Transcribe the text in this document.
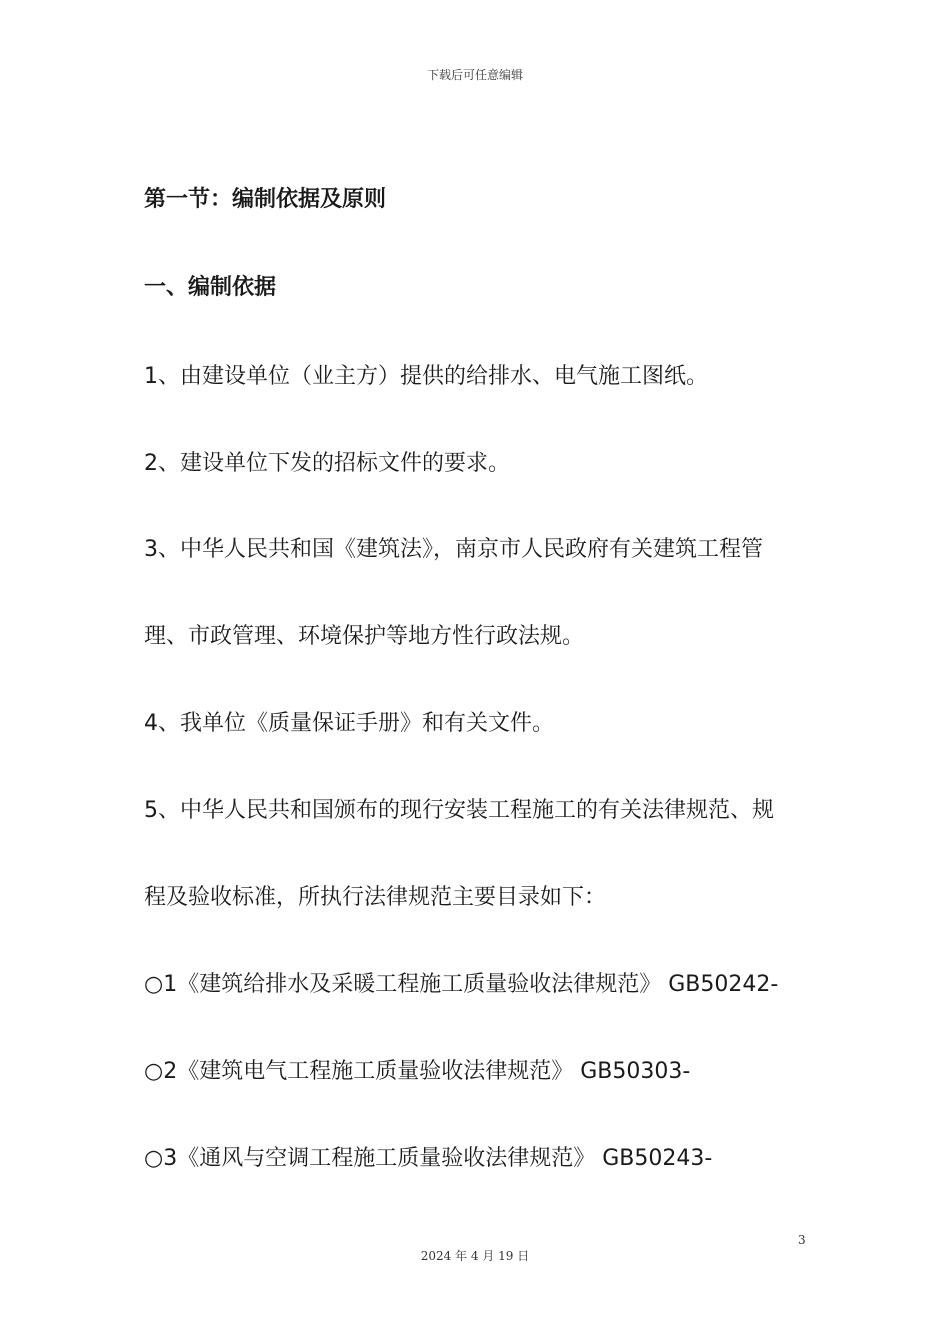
下载后可任意编辑
第一节：编制依据及原则
一、编制依据
1、由建设单位（业主方）提供的给排水、电气施工图纸。
2、建设单位下发的招标文件的要求。
3、中华人民共和国《建筑法》，南京市人民政府有关建筑工程管
理、市政管理、环境保护等地方性行政法规。
4、我单位《质量保证手册》和有关文件。
5、中华人民共和国颁布的现行安装工程施工的有关法律规范、规
程及验收标准，所执行法律规范主要目录如下：
○1《建筑给排水及采暖工程施工质量验收法律规范》 GB50242-
○2《建筑电气工程施工质量验收法律规范》 GB50303-
○3《通风与空调工程施工质量验收法律规范》 GB50243-
3
2024 年 4 月 19 日
